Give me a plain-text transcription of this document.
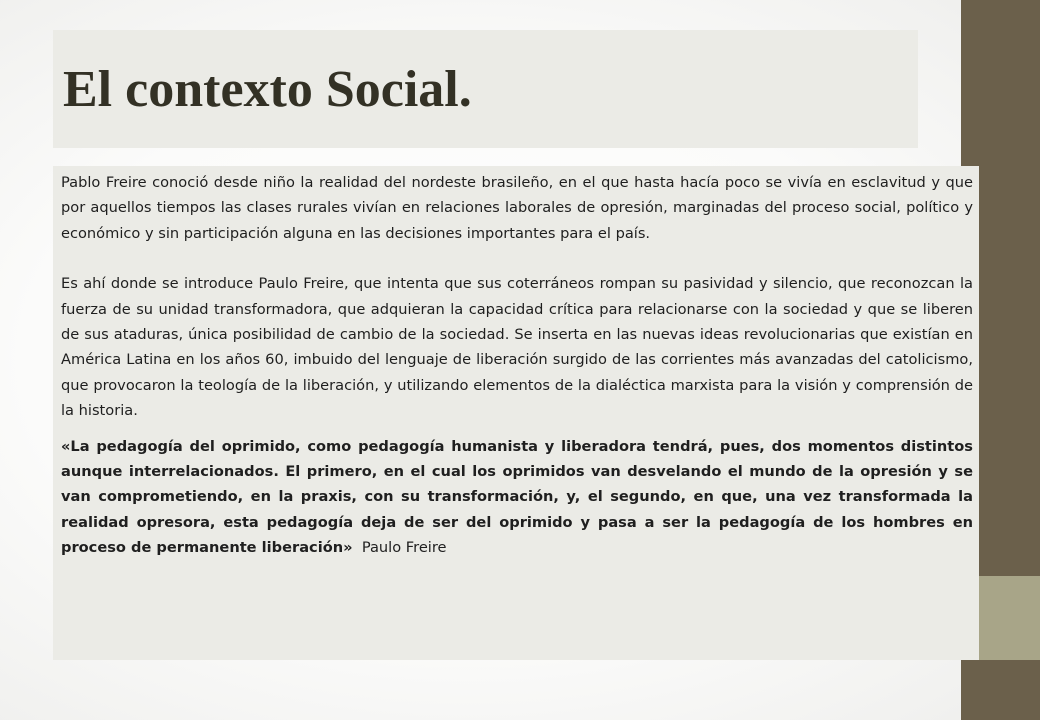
El contexto Social.

Pablo Freire conoció desde niño la realidad del nordeste brasileño, en el que hasta hacía poco se vivía en esclavitud y que por aquellos tiempos las clases rurales vivían en relaciones laborales de opresión, marginadas del proceso social, político y económico y sin participación alguna en las decisiones importantes para el país.

Es ahí donde se introduce Paulo Freire, que intenta que sus coterráneos rompan su pasividad y silencio, que reconozcan la fuerza de su unidad transformadora, que adquieran la capacidad crítica para relacionarse con la sociedad y que se liberen de sus ataduras, única posibilidad de cambio de la sociedad. Se inserta en las nuevas ideas revolucionarias que existían en América Latina en los años 60, imbuido del lenguaje de liberación surgido de las corrientes más avanzadas del catolicismo, que provocaron la teología de la liberación, y utilizando elementos de la dialéctica marxista para la visión y comprensión de la historia.

«La pedagogía del oprimido, como pedagogía humanista y liberadora tendrá, pues, dos momentos distintos aunque interrelacionados. El primero, en el cual los oprimidos van desvelando el mundo de la opresión y se van comprometiendo, en la praxis, con su transformación, y, el segundo, en que, una vez transformada la realidad opresora, esta pedagogía deja de ser del oprimido y pasa a ser la pedagogía de los hombres en proceso de permanente liberación» Paulo Freire
